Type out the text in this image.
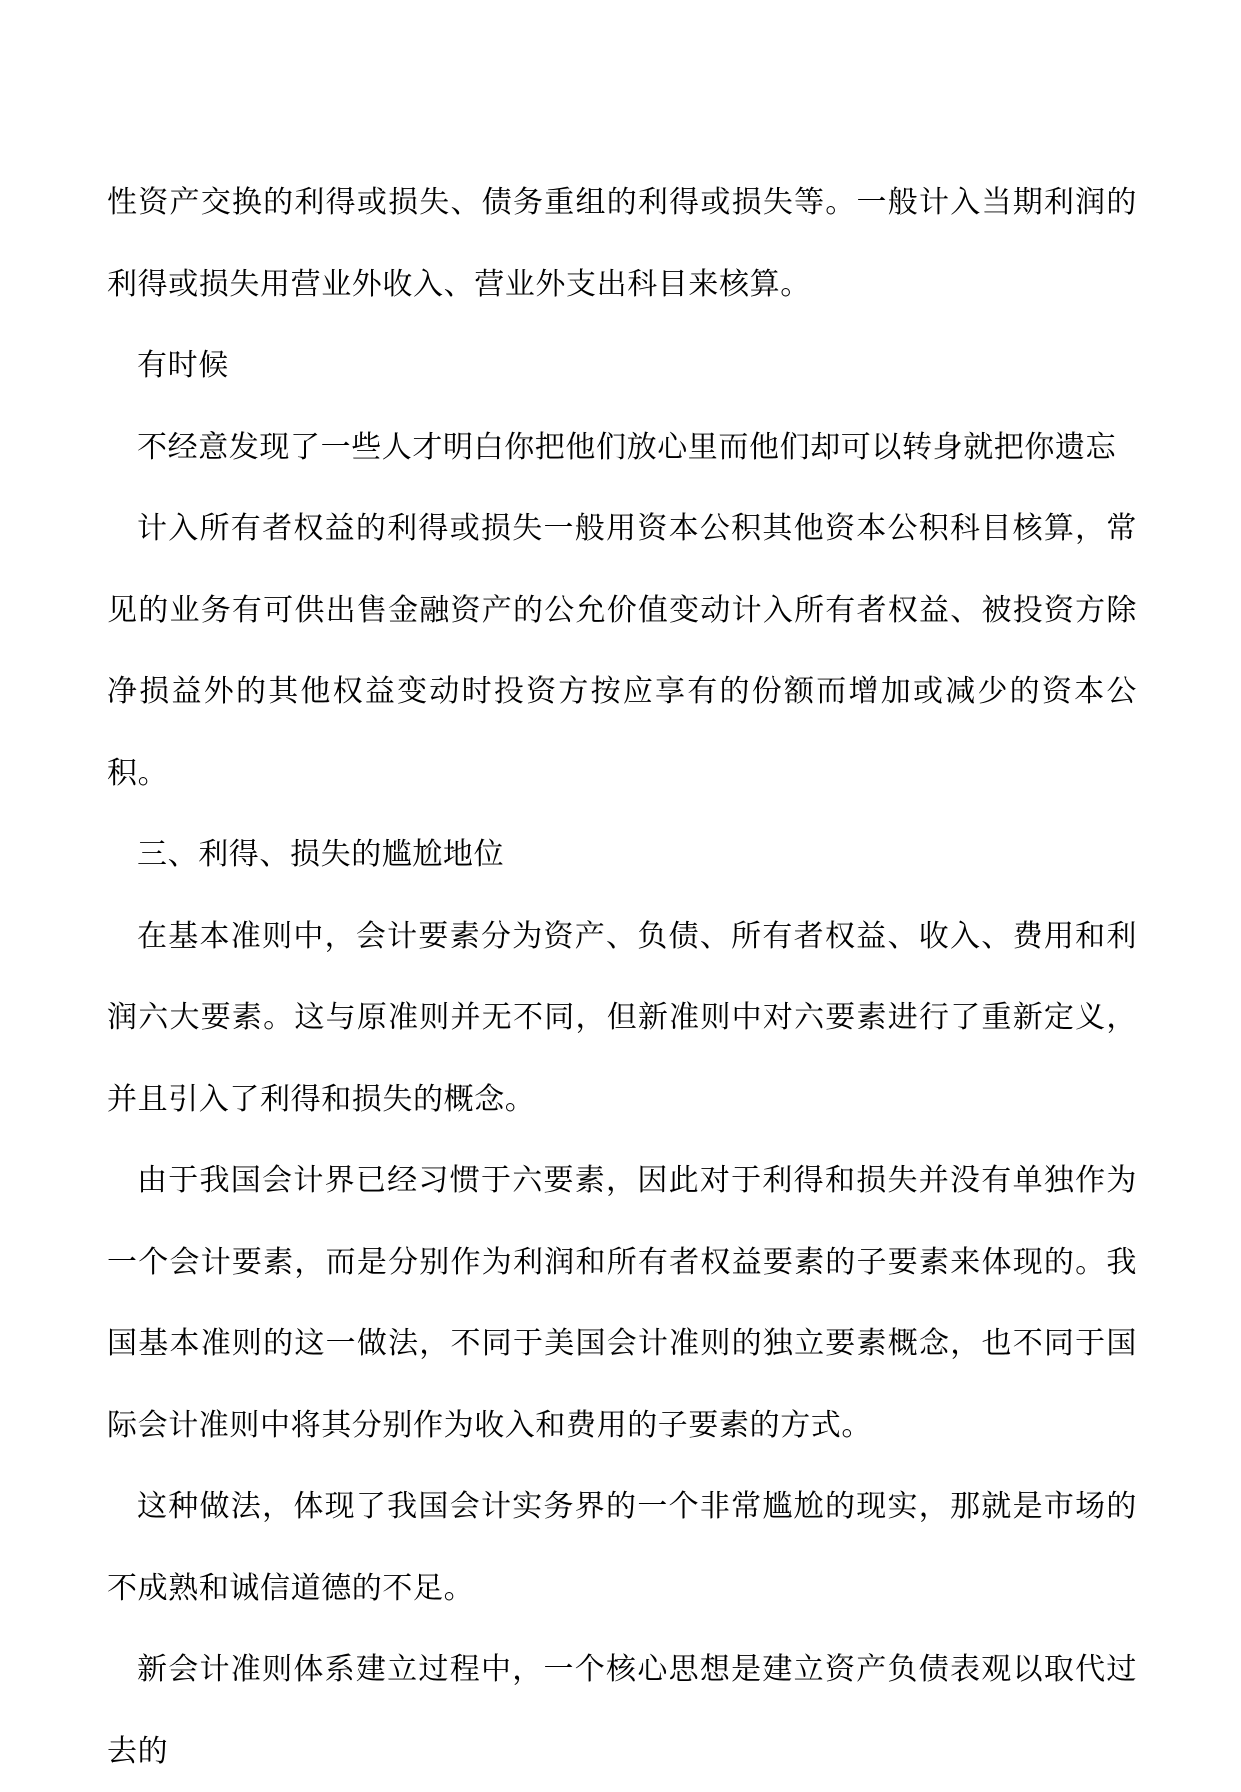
性资产交换的利得或损失、债务重组的利得或损失等。一般计入当期利润的利得或损失用营业外收入、营业外支出科目来核算。

有时候

不经意发现了一些人才明白你把他们放心里而他们却可以转身就把你遗忘

计入所有者权益的利得或损失一般用资本公积其他资本公积科目核算，常见的业务有可供出售金融资产的公允价值变动计入所有者权益、被投资方除净损益外的其他权益变动时投资方按应享有的份额而增加或减少的资本公积。

三、利得、损失的尴尬地位

在基本准则中，会计要素分为资产、负债、所有者权益、收入、费用和利润六大要素。这与原准则并无不同，但新准则中对六要素进行了重新定义，并且引入了利得和损失的概念。

由于我国会计界已经习惯于六要素，因此对于利得和损失并没有单独作为一个会计要素，而是分别作为利润和所有者权益要素的子要素来体现的。我国基本准则的这一做法，不同于美国会计准则的独立要素概念，也不同于国际会计准则中将其分别作为收入和费用的子要素的方式。

这种做法，体现了我国会计实务界的一个非常尴尬的现实，那就是市场的不成熟和诚信道德的不足。

新会计准则体系建立过程中，一个核心思想是建立资产负债表观以取代过去的
